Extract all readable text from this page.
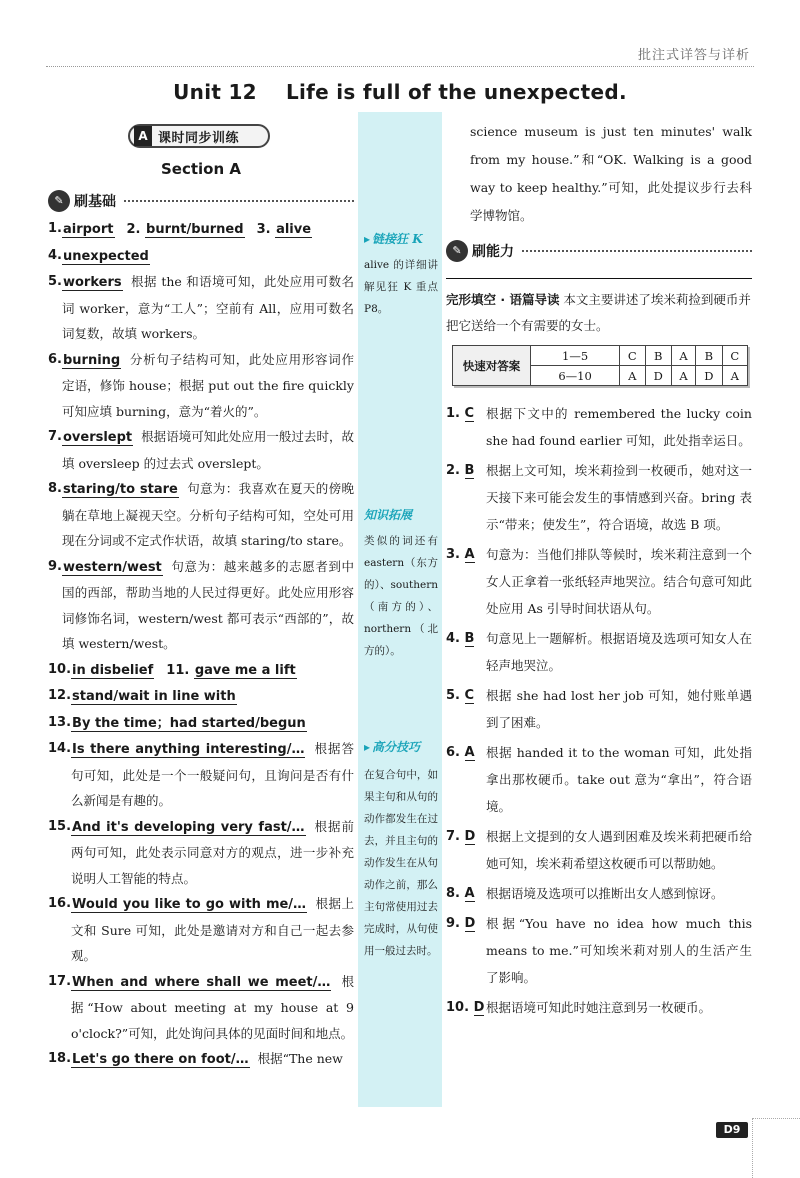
批注式详答与详析
Unit 12    Life is full of the unexpected.
A 课时同步训练
Section A
✎ 刷基础
1. airport 2. burnt/burned 3. alive
4. unexpected
5. workers 根据 the 和语境可知，此处应用可数名词 worker，意为“工人”；空前有 All，应用可数名词复数，故填 workers。
6. burning 分析句子结构可知，此处应用形容词作定语，修饰 house；根据 put out the fire quickly 可知应填 burning，意为“着火的”。
7. overslept 根据语境可知此处应用一般过去时，故填 oversleep 的过去式 overslept。
8. staring/to stare 句意为：我喜欢在夏天的傍晚躺在草地上凝视天空。分析句子结构可知，空处可用现在分词或不定式作状语，故填 staring/to stare。
9. western/west 句意为：越来越多的志愿者到中国的西部，帮助当地的人民过得更好。此处应用形容词修饰名词，western/west 都可表示“西部的”，故填 western/west。
10. in disbelief 11. gave me a lift
12. stand/wait in line with
13. By the time；had started/begun
14. Is there anything interesting/… 根据答句可知，此处是一个一般疑问句，且询问是否有什么新闻是有趣的。
15. And it's developing very fast/… 根据前两句可知，此处表示同意对方的观点，进一步补充说明人工智能的特点。
16. Would you like to go with me/… 根据上文和 Sure 可知，此处是邀请对方和自己一起去参观。
17. When and where shall we meet/… 根据“How about meeting at my house at 9 o'clock?”可知，此处询问具体的见面时间和地点。
18. Let's go there on foot/… 根据“The new
▸ 链接狂 K
alive 的详细讲解见狂 K 重点 P8。
知识拓展
类似的词还有 eastern（东方的）、southern（南方的）、northern（北方的）。
▸ 高分技巧
在复合句中，如果主句和从句的动作都发生在过去，并且主句的动作发生在从句动作之前，那么主句常使用过去完成时，从句使用一般过去时。
science museum is just ten minutes' walk from my house.”和“OK. Walking is a good way to keep healthy.”可知，此处提议步行去科学博物馆。
✎ 刷能力
完形填空 · 语篇导读 本文主要讲述了埃米莉捡到硬币并把它送给一个有需要的女士。
快速对答案	1—5	C	B	A	B	C
	6—10	A	D	A	D	A
1. C 根据下文中的 remembered the lucky coin she had found earlier 可知，此处指幸运日。
2. B 根据上文可知，埃米莉捡到一枚硬币，她对这一天接下来可能会发生的事情感到兴奋。bring 表示“带来；使发生”，符合语境，故选 B 项。
3. A 句意为：当他们排队等候时，埃米莉注意到一个女人正拿着一张纸轻声地哭泣。结合句意可知此处应用 As 引导时间状语从句。
4. B 句意见上一题解析。根据语境及选项可知女人在轻声地哭泣。
5. C 根据 she had lost her job 可知，她付账单遇到了困难。
6. A 根据 handed it to the woman 可知，此处指拿出那枚硬币。take out 意为“拿出”，符合语境。
7. D 根据上文提到的女人遇到困难及埃米莉把硬币给她可知，埃米莉希望这枚硬币可以帮助她。
8. A 根据语境及选项可以推断出女人感到惊讶。
9. D 根据“You have no idea how much this means to me.”可知埃米莉对别人的生活产生了影响。
10. D 根据语境可知此时她注意到另一枚硬币。
D9
